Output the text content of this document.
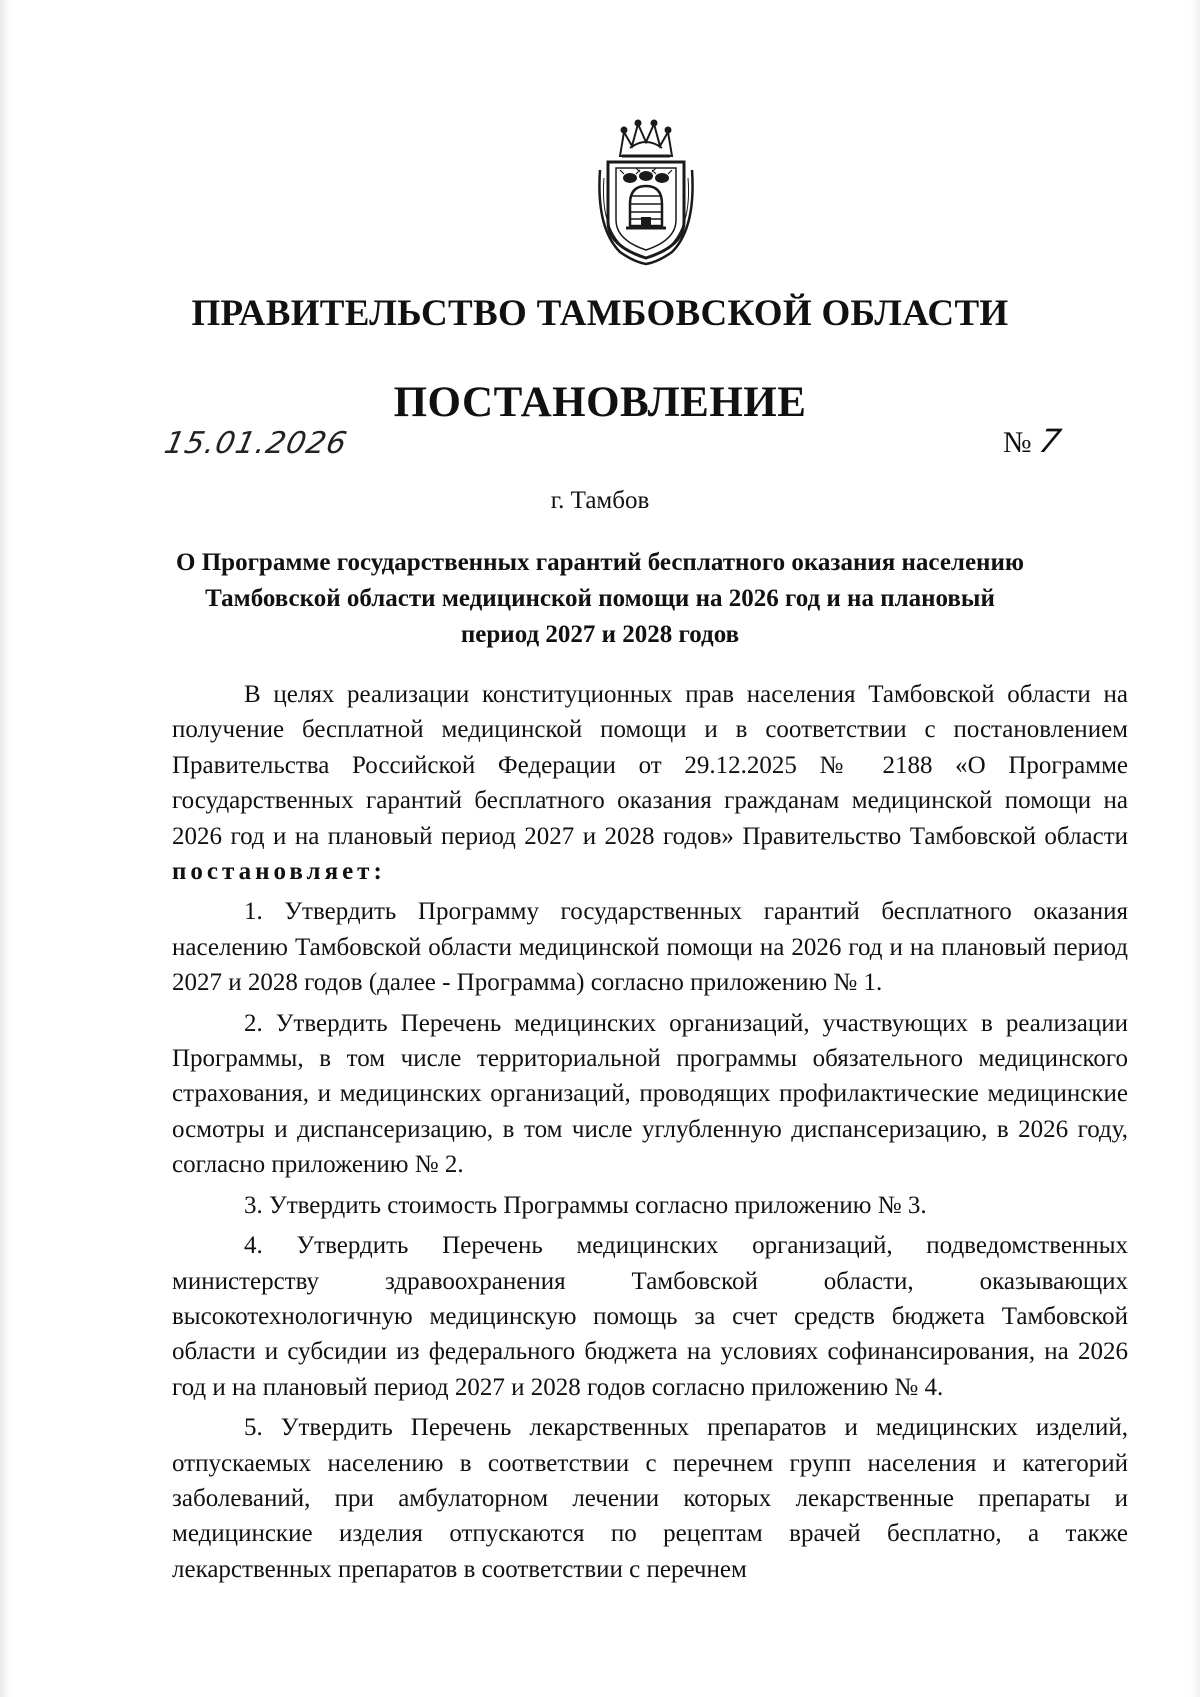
ПРАВИТЕЛЬСТВО ТАМБОВСКОЙ ОБЛАСТИ
ПОСТАНОВЛЕНИЕ
15.01.2026	№ 7
г. Тамбов
О Программе государственных гарантий бесплатного оказания населению Тамбовской области медицинской помощи на 2026 год и на плановый период 2027 и 2028 годов

В целях реализации конституционных прав населения Тамбовской области на получение бесплатной медицинской помощи и в соответствии с постановлением Правительства Российской Федерации от 29.12.2025 № 2188 «О Программе государственных гарантий бесплатного оказания гражданам медицинской помощи на 2026 год и на плановый период 2027 и 2028 годов» Правительство Тамбовской области постановляет:

1. Утвердить Программу государственных гарантий бесплатного оказания населению Тамбовской области медицинской помощи на 2026 год и на плановый период 2027 и 2028 годов (далее - Программа) согласно приложению № 1.

2. Утвердить Перечень медицинских организаций, участвующих в реализации Программы, в том числе территориальной программы обязательного медицинского страхования, и медицинских организаций, проводящих профилактические медицинские осмотры и диспансеризацию, в том числе углубленную диспансеризацию, в 2026 году, согласно приложению № 2.

3. Утвердить стоимость Программы согласно приложению № 3.

4. Утвердить Перечень медицинских организаций, подведомственных министерству здравоохранения Тамбовской области, оказывающих высокотехнологичную медицинскую помощь за счет средств бюджета Тамбовской области и субсидии из федерального бюджета на условиях софинансирования, на 2026 год и на плановый период 2027 и 2028 годов согласно приложению № 4.

5. Утвердить Перечень лекарственных препаратов и медицинских изделий, отпускаемых населению в соответствии с перечнем групп населения и категорий заболеваний, при амбулаторном лечении которых лекарственные препараты и медицинские изделия отпускаются по рецептам врачей бесплатно, а также лекарственных препаратов в соответствии с перечнем
